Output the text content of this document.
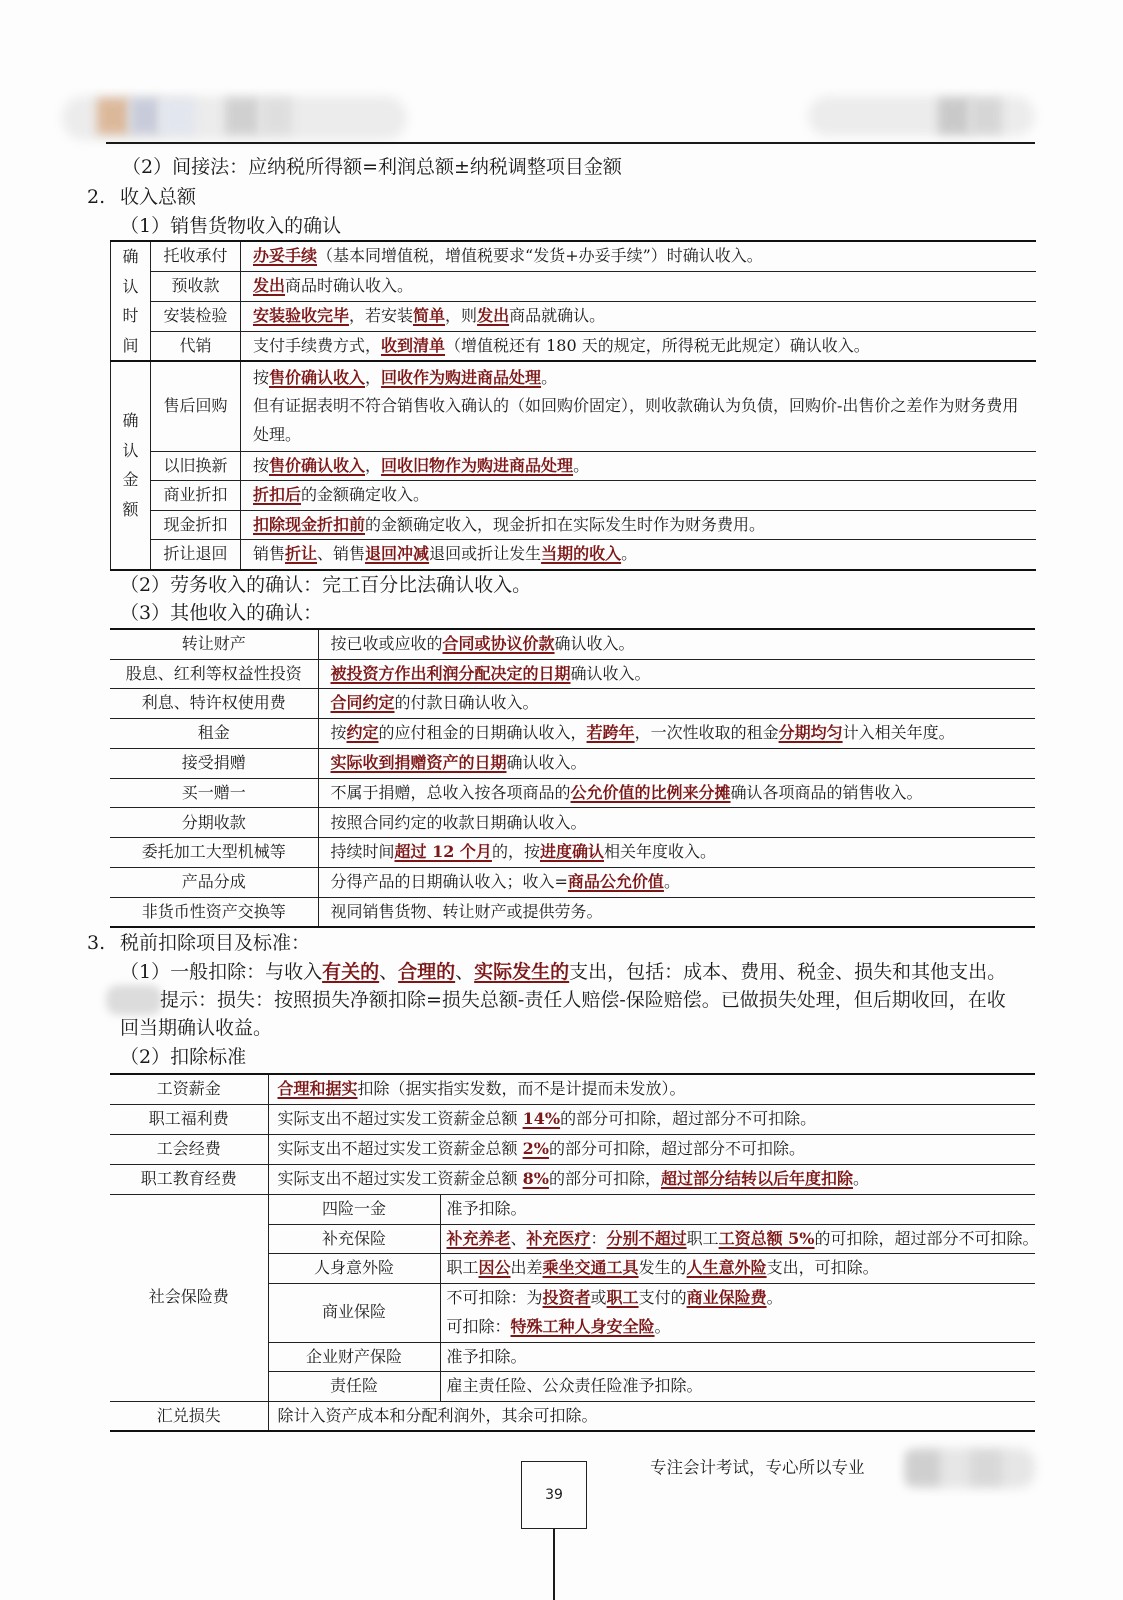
（2）间接法：应纳税所得额=利润总额±纳税调整项目金额
2. 收入总额
（1）销售货物收入的确认
确认时间	托收承付	办妥手续（基本同增值税，增值税要求“发货+办妥手续”）时确认收入。

	预收款	发出商品时确认收入。

	安装检验	安装验收完毕，若安装简单，则发出商品就确认。

	代销	支付手续费方式，收到清单（增值税还有 180 天的规定，所得税无此规定）确认收入。

确认金额	售后回购	按售价确认收入，回收作为购进商品处理。
但有证据表明不符合销售收入确认的（如回购价固定），则收款确认为负债，回购价-出售价之差作为财务费用处理。

	以旧换新	按售价确认收入，回收旧物作为购进商品处理。

	商业折扣	折扣后的金额确定收入。

	现金折扣	扣除现金折扣前的金额确定收入，现金折扣在实际发生时作为财务费用。

	折让退回	销售折让、销售退回冲减退回或折让发生当期的收入。
（2）劳务收入的确认：完工百分比法确认收入。
（3）其他收入的确认：
转让财产	按已收或应收的合同或协议价款确认收入。

股息、红利等权益性投资	被投资方作出利润分配决定的日期确认收入。

利息、特许权使用费	合同约定的付款日确认收入。

租金	按约定的应付租金的日期确认收入，若跨年，一次性收取的租金分期均匀计入相关年度。

接受捐赠	实际收到捐赠资产的日期确认收入。

买一赠一	不属于捐赠，总收入按各项商品的公允价值的比例来分摊确认各项商品的销售收入。

分期收款	按照合同约定的收款日期确认收入。

委托加工大型机械等	持续时间超过 12 个月的，按进度确认相关年度收入。

产品分成	分得产品的日期确认收入；收入=商品公允价值。

非货币性资产交换等	视同销售货物、转让财产或提供劳务。
3. 税前扣除项目及标准：
（1）一般扣除：与收入有关的、合理的、实际发生的支出，包括：成本、费用、税金、损失和其他支出。
提示：损失：按照损失净额扣除=损失总额-责任人赔偿-保险赔偿。已做损失处理，但后期收回，在收
回当期确认收益。
（2）扣除标准
工资薪金	合理和据实扣除（据实指实发数，而不是计提而未发放）。	

职工福利费	实际支出不超过实发工资薪金总额 14%的部分可扣除，超过部分不可扣除。	

工会经费	实际支出不超过实发工资薪金总额 2%的部分可扣除，超过部分不可扣除。	

职工教育经费	实际支出不超过实发工资薪金总额 8%的部分可扣除，超过部分结转以后年度扣除。	

社会保险费	四险一金	准予扣除。

	补充保险	补充养老、补充医疗：分别不超过职工工资总额 5%的可扣除，超过部分不可扣除。

	人身意外险	职工因公出差乘坐交通工具发生的人生意外险支出，可扣除。

	商业保险	不可扣除：为投资者或职工支付的商业保险费。
可扣除：特殊工种人身安全险。

	企业财产保险	准予扣除。

	责任险	雇主责任险、公众责任险准予扣除。

汇兑损失	除计入资产成本和分配利润外，其余可扣除。	
专注会计考试，专心所以专业
39
